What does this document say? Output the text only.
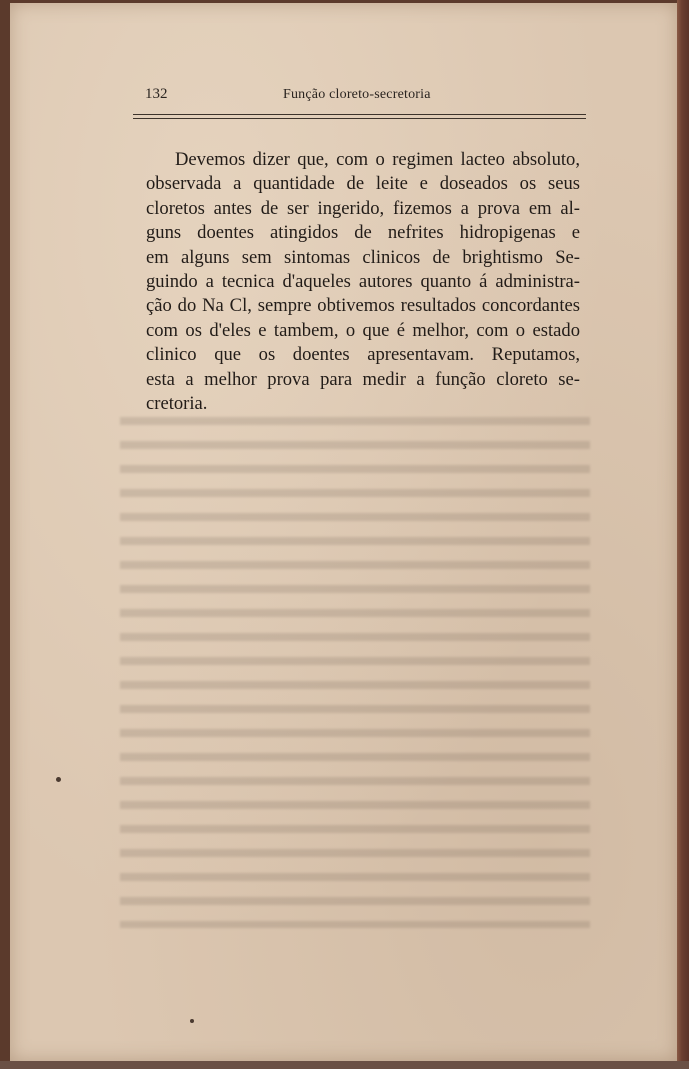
132	Função cloreto-secretoria
Devemos dizer que, com o regimen lacteo absoluto,
observada a quantidade de leite e doseados os seus
cloretos antes de ser ingerido, fizemos a prova em al-
guns doentes atingidos de nefrites hidropigenas e
em alguns sem sintomas clinicos de brightismo Se-
guindo a tecnica d'aqueles autores quanto á administra-
ção do Na Cl, sempre obtivemos resultados concordantes
com os d'eles e tambem, o que é melhor, com o estado
clinico que os doentes apresentavam. Reputamos,
esta a melhor prova para medir a função cloreto se-
cretoria.
